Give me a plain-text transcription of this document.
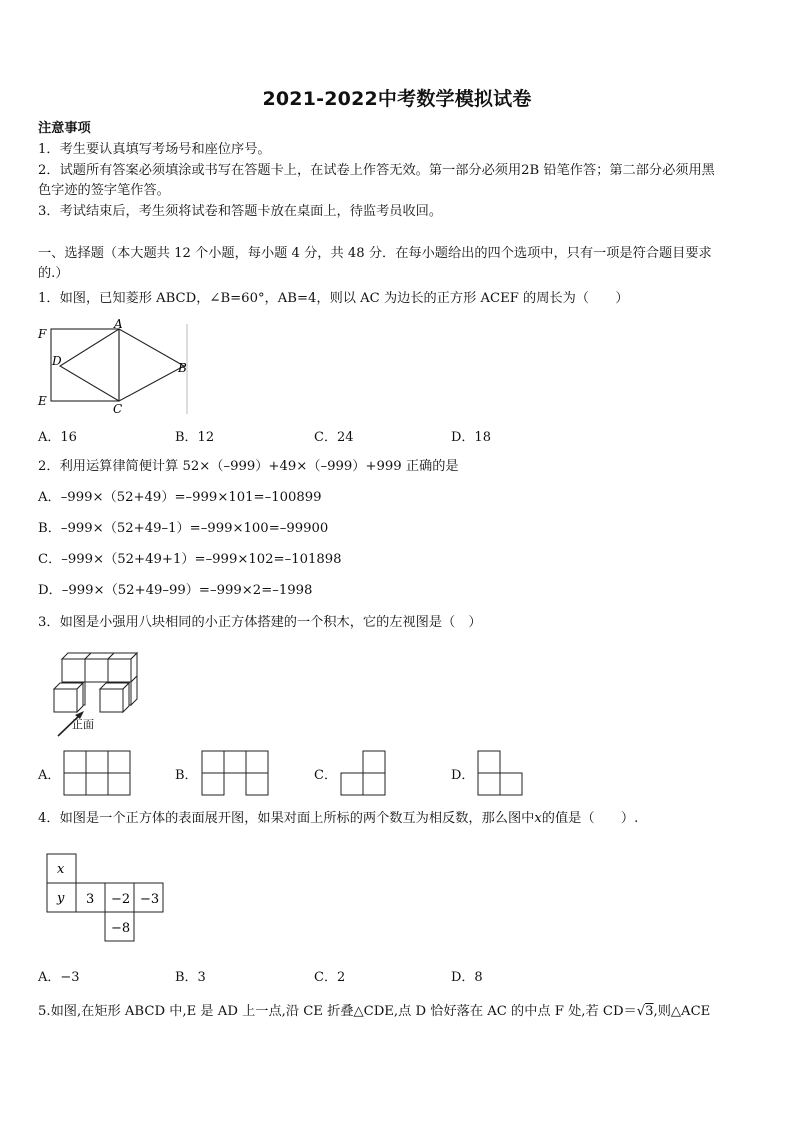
2021-2022中考数学模拟试卷
注意事项
1．考生要认真填写考场号和座位序号。
2．试题所有答案必须填涂或书写在答题卡上，在试卷上作答无效。第一部分必须用2B 铅笔作答；第二部分必须用黑
色字迹的签字笔作答。
3．考试结束后，考生须将试卷和答题卡放在桌面上，待监考员收回。
一、选择题（本大题共 12 个小题，每小题 4 分，共 48 分．在每小题给出的四个选项中，只有一项是符合题目要求
的.）
1．如图，已知菱形 ABCD，∠B=60°，AB=4，则以 AC 为边长的正方形 ACEF 的周长为（　　）
F
A
D	B
E
C
A．16	B．12	C．24	D．18
2．利用运算律简便计算 52×（–999）+49×（–999）+999 正确的是
A．–999×（52+49）=–999×101=–100899
B．–999×（52+49–1）=–999×100=–99900
C．–999×（52+49+1）=–999×102=–101898
D．–999×（52+49–99）=–999×2=–1998
3．如图是小强用八块相同的小正方体搭建的一个积木，它的左视图是（　）
正面
A．	B．	C．	D．
4．如图是一个正方体的表面展开图，如果对面上所标的两个数互为相反数，那么图中x的值是（　　）.
x
y 3 −2 −3
−8
A．−3	B．3	C．2	D．8
5.如图,在矩形 ABCD 中,E 是 AD 上一点,沿 CE 折叠△CDE,点 D 恰好落在 AC 的中点 F 处,若 CD＝√3,则△ACE
